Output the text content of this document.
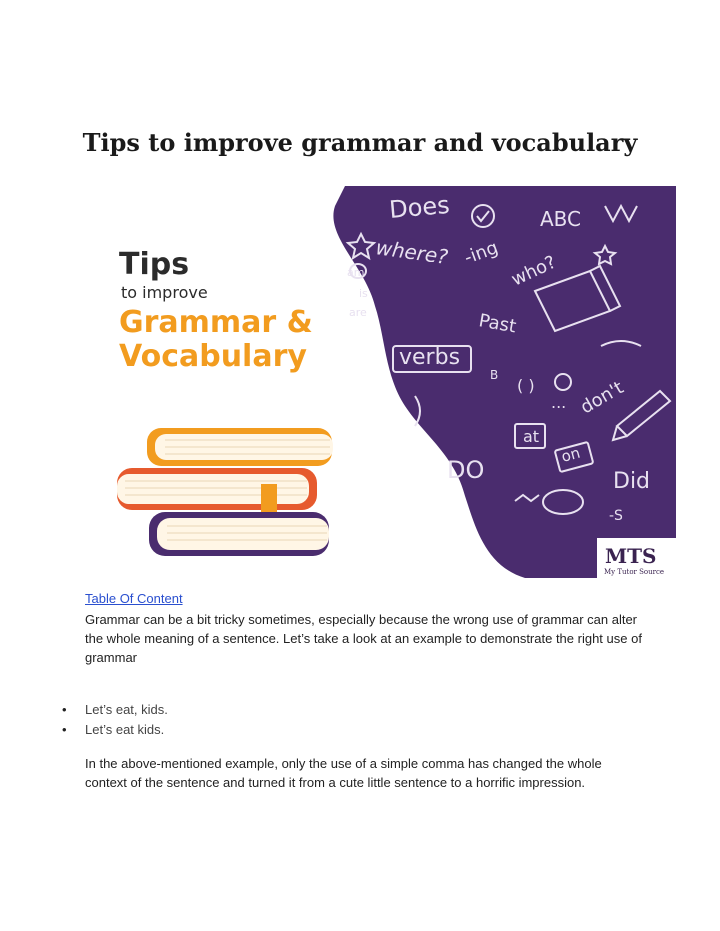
Tips to improve grammar and vocabulary
Does	ABC
where? -ing who?
am
is
are	Past
verbs
B
( )
... don't
at
on
DO	Did
-S
Tips
to improve
Grammar &
Vocabulary
MTS
My Tutor Source
Table Of Content

Grammar can be a bit tricky sometimes, especially because the wrong use of grammar can alter the whole meaning of a sentence. Let’s take a look at an example to demonstrate the right use of grammar

• Let’s eat, kids.
• Let’s eat kids.

In the above-mentioned example, only the use of a simple comma has changed the whole context of the sentence and turned it from a cute little sentence to a horrific impression.
